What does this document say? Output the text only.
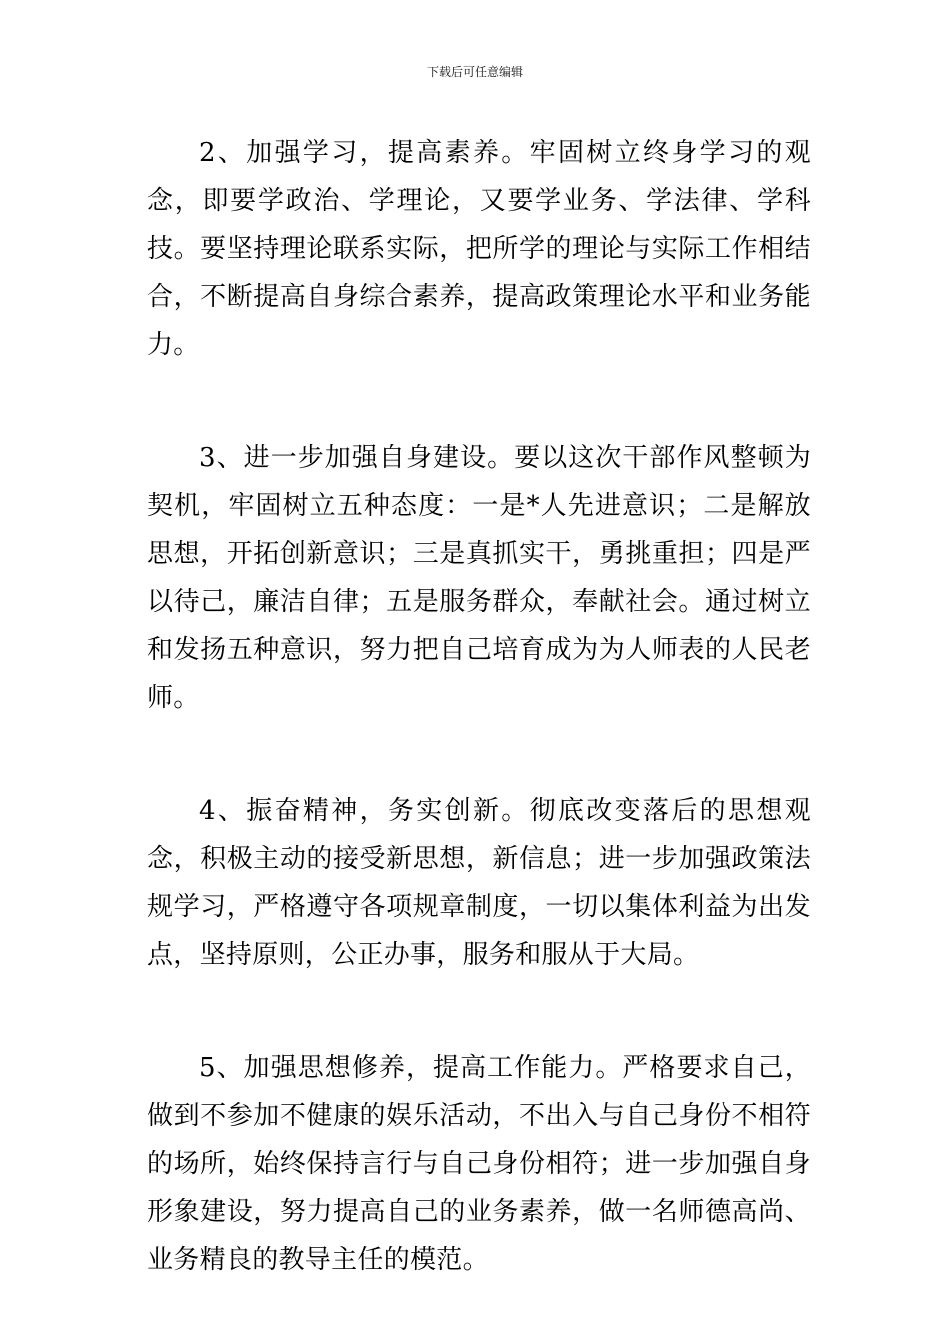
下载后可任意编辑

2、加强学习，提高素养。牢固树立终身学习的观念，即要学政治、学理论，又要学业务、学法律、学科技。要坚持理论联系实际，把所学的理论与实际工作相结合，不断提高自身综合素养，提高政策理论水平和业务能力。

3、进一步加强自身建设。要以这次干部作风整顿为契机，牢固树立五种态度：一是*人先进意识；二是解放思想，开拓创新意识；三是真抓实干，勇挑重担；四是严以待己，廉洁自律；五是服务群众，奉献社会。通过树立和发扬五种意识，努力把自己培育成为为人师表的人民老师。

4、振奋精神，务实创新。彻底改变落后的思想观念，积极主动的接受新思想，新信息；进一步加强政策法规学习，严格遵守各项规章制度，一切以集体利益为出发点，坚持原则，公正办事，服务和服从于大局。

5、加强思想修养，提高工作能力。严格要求自己，做到不参加不健康的娱乐活动，不出入与自己身份不相符的场所，始终保持言行与自己身份相符；进一步加强自身形象建设，努力提高自己的业务素养，做一名师德高尚、业务精良的教导主任的模范。
